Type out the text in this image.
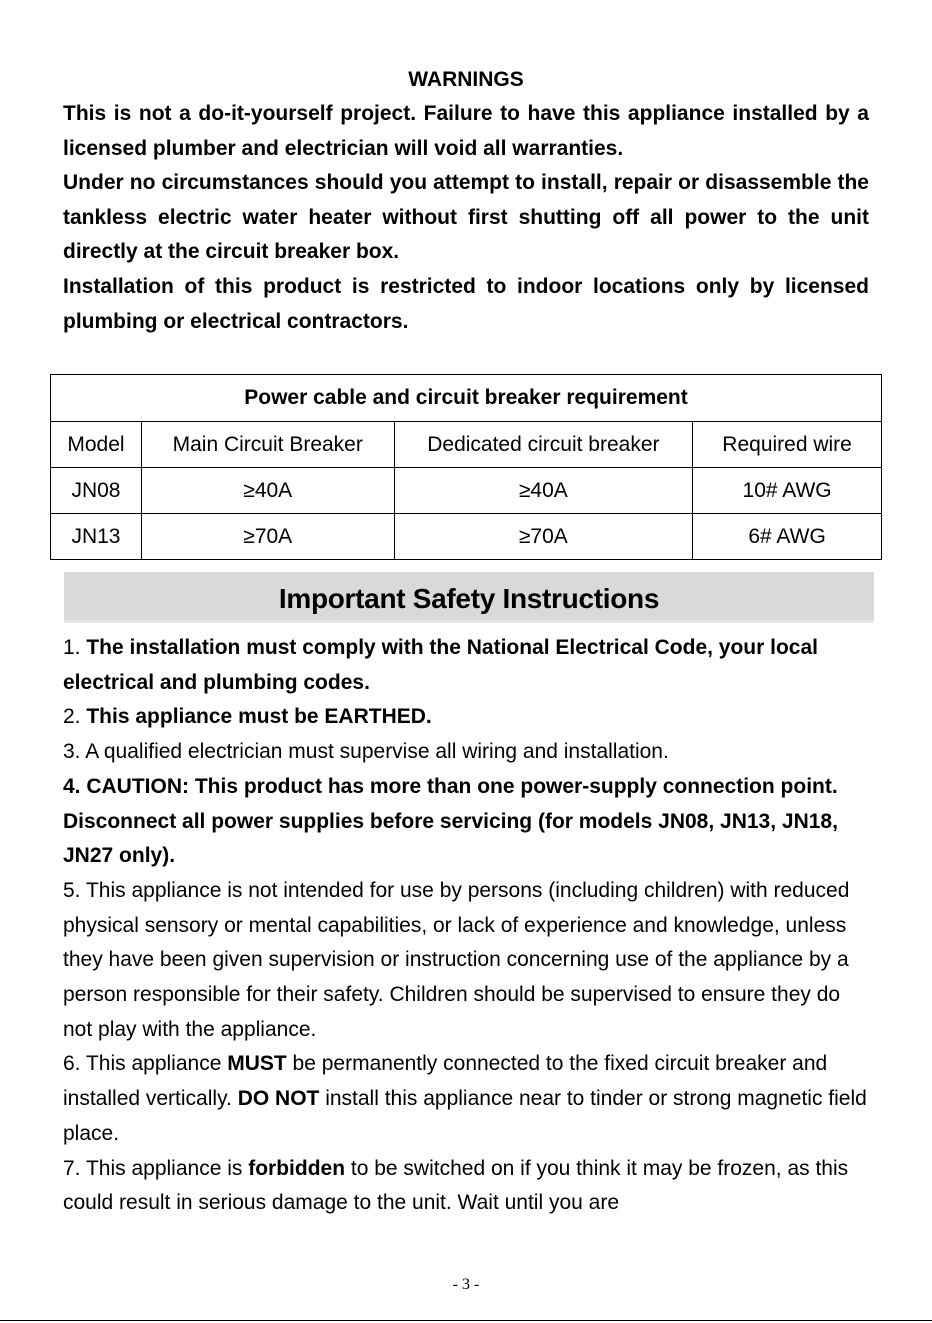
WARNINGS

This is not a do-it-yourself project. Failure to have this appliance installed by a licensed plumber and electrician will void all warranties.

Under no circumstances should you attempt to install, repair or disassemble the tankless electric water heater without first shutting off all power to the unit directly at the circuit breaker box.

Installation of this product is restricted to indoor locations only by licensed plumbing or electrical contractors.

Power cable and circuit breaker requirement			
Model	Main Circuit Breaker	Dedicated circuit breaker	Required wire
JN08	≥40A	≥40A	10# AWG
JN13	≥70A	≥70A	6# AWG
Important Safety Instructions

1. The installation must comply with the National Electrical Code, your local electrical and plumbing codes.

2. This appliance must be EARTHED.

3. A qualified electrician must supervise all wiring and installation.

4. CAUTION: This product has more than one power-supply connection point. Disconnect all power supplies before servicing (for models JN08, JN13, JN18, JN27 only).

5. This appliance is not intended for use by persons (including children) with reduced physical sensory or mental capabilities, or lack of experience and knowledge, unless they have been given supervision or instruction concerning use of the appliance by a person responsible for their safety. Children should be supervised to ensure they do not play with the appliance.

6. This appliance MUST be permanently connected to the fixed circuit breaker and installed vertically. DO NOT install this appliance near to tinder or strong magnetic field place.

7. This appliance is forbidden to be switched on if you think it may be frozen, as this could result in serious damage to the unit. Wait until you are

- 3 -
